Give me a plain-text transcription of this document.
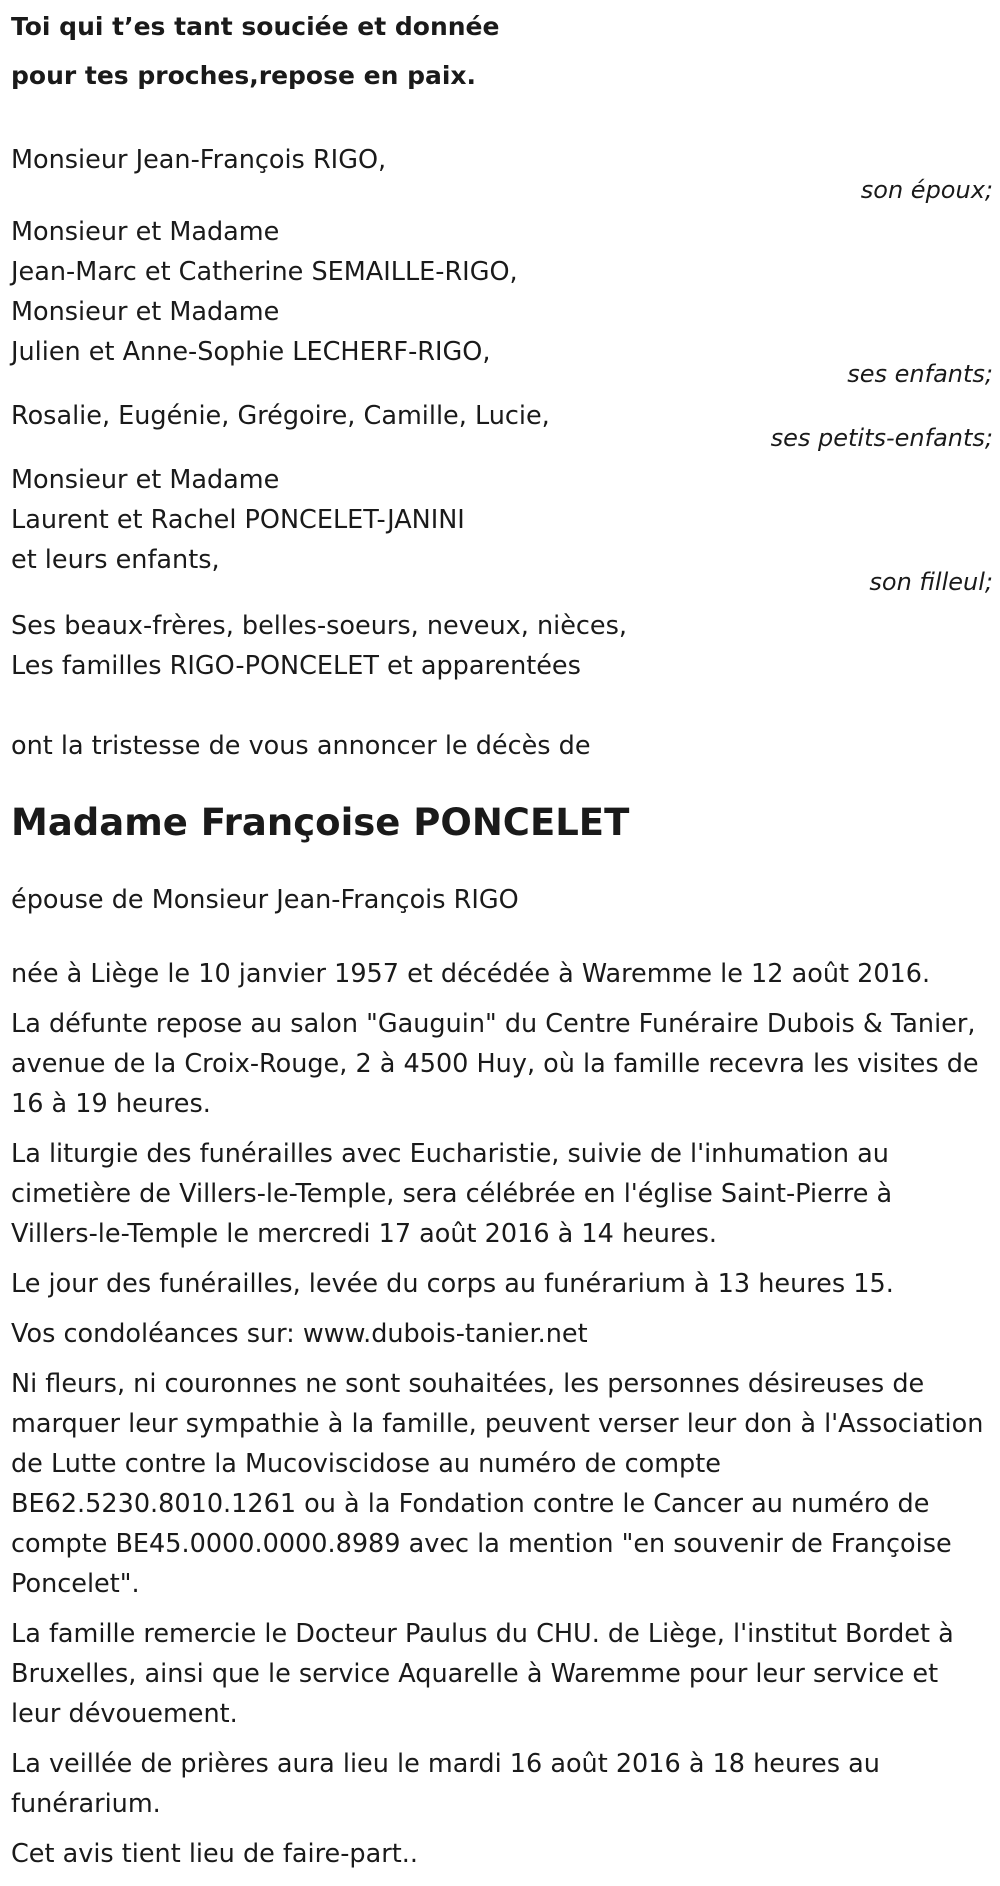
Toi qui t’es tant souciée et donnée
pour tes proches,repose en paix.
Monsieur Jean-François RIGO,
son époux;
Monsieur et Madame
Jean-Marc et Catherine SEMAILLE-RIGO,
Monsieur et Madame
Julien et Anne-Sophie LECHERF-RIGO,
ses enfants;
Rosalie, Eugénie, Grégoire, Camille, Lucie,
ses petits-enfants;
Monsieur et Madame
Laurent et Rachel PONCELET-JANINI
et leurs enfants,
son filleul;
Ses beaux-frères, belles-soeurs, neveux, nièces,
Les familles RIGO-PONCELET et apparentées
ont la tristesse de vous annoncer le décès de
Madame Françoise PONCELET
épouse de Monsieur Jean-François RIGO
née à Liège le 10 janvier 1957 et décédée à Waremme le 12 août 2016.
La défunte repose au salon "Gauguin" du Centre Funéraire Dubois & Tanier, avenue de la Croix-Rouge, 2 à 4500 Huy, où la famille recevra les visites de 16 à 19 heures.
La liturgie des funérailles avec Eucharistie, suivie de l'inhumation au cimetière de Villers-le-Temple, sera célébrée en l'église Saint-Pierre à Villers-le-Temple le mercredi 17 août 2016 à 14 heures.
Le jour des funérailles, levée du corps au funérarium à 13 heures 15.
Vos condoléances sur: www.dubois-tanier.net
Ni fleurs, ni couronnes ne sont souhaitées, les personnes désireuses de marquer leur sympathie à la famille, peuvent verser leur don à l'Association de Lutte contre la Mucoviscidose au numéro de compte BE62.5230.8010.1261 ou à la Fondation contre le Cancer au numéro de compte BE45.0000.0000.8989 avec la mention "en souvenir de Françoise Poncelet".
La famille remercie le Docteur Paulus du CHU. de Liège, l'institut Bordet à Bruxelles, ainsi que le service Aquarelle à Waremme pour leur service et leur dévouement.
La veillée de prières aura lieu le mardi 16 août 2016 à 18 heures au funérarium.
Cet avis tient lieu de faire-part..
